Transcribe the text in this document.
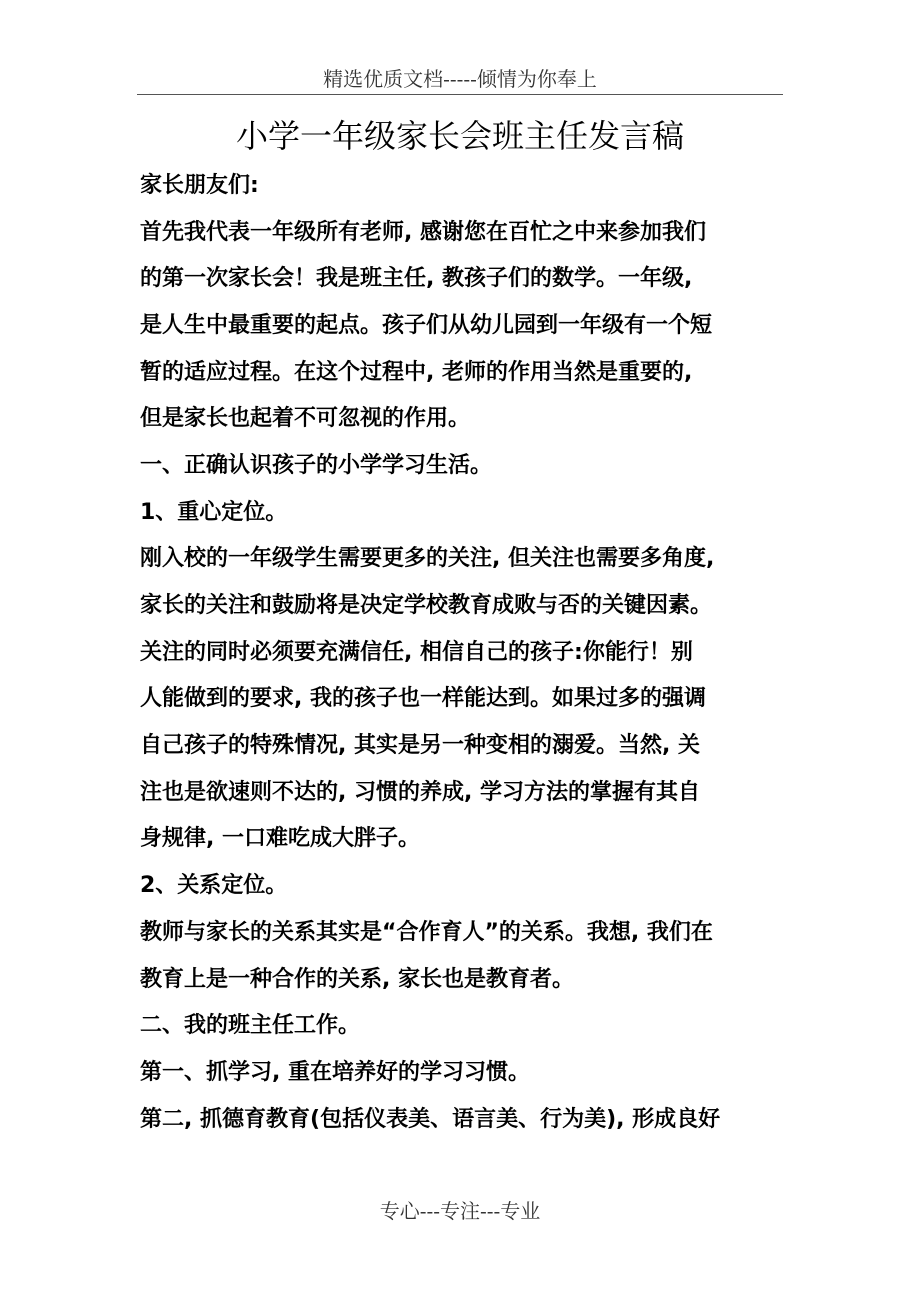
精选优质文档-----倾情为你奉上
小学一年级家长会班主任发言稿
家长朋友们:
首先我代表一年级所有老师, 感谢您在百忙之中来参加我们
的第一次家长会！我是班主任, 教孩子们的数学。一年级,
是人生中最重要的起点。孩子们从幼儿园到一年级有一个短
暂的适应过程。在这个过程中, 老师的作用当然是重要的,
但是家长也起着不可忽视的作用。
一、正确认识孩子的小学学习生活。
1、重心定位。
刚入校的一年级学生需要更多的关注, 但关注也需要多角度,
家长的关注和鼓励将是决定学校教育成败与否的关键因素。
关注的同时必须要充满信任, 相信自己的孩子:你能行！别
人能做到的要求, 我的孩子也一样能达到。如果过多的强调
自己孩子的特殊情况, 其实是另一种变相的溺爱。当然, 关
注也是欲速则不达的, 习惯的养成, 学习方法的掌握有其自
身规律, 一口难吃成大胖子。
2、关系定位。
教师与家长的关系其实是“合作育人”的关系。我想, 我们在
教育上是一种合作的关系, 家长也是教育者。
二、我的班主任工作。
第一、抓学习, 重在培养好的学习习惯。
第二, 抓德育教育(包括仪表美、语言美、行为美), 形成良好
专心---专注---专业
